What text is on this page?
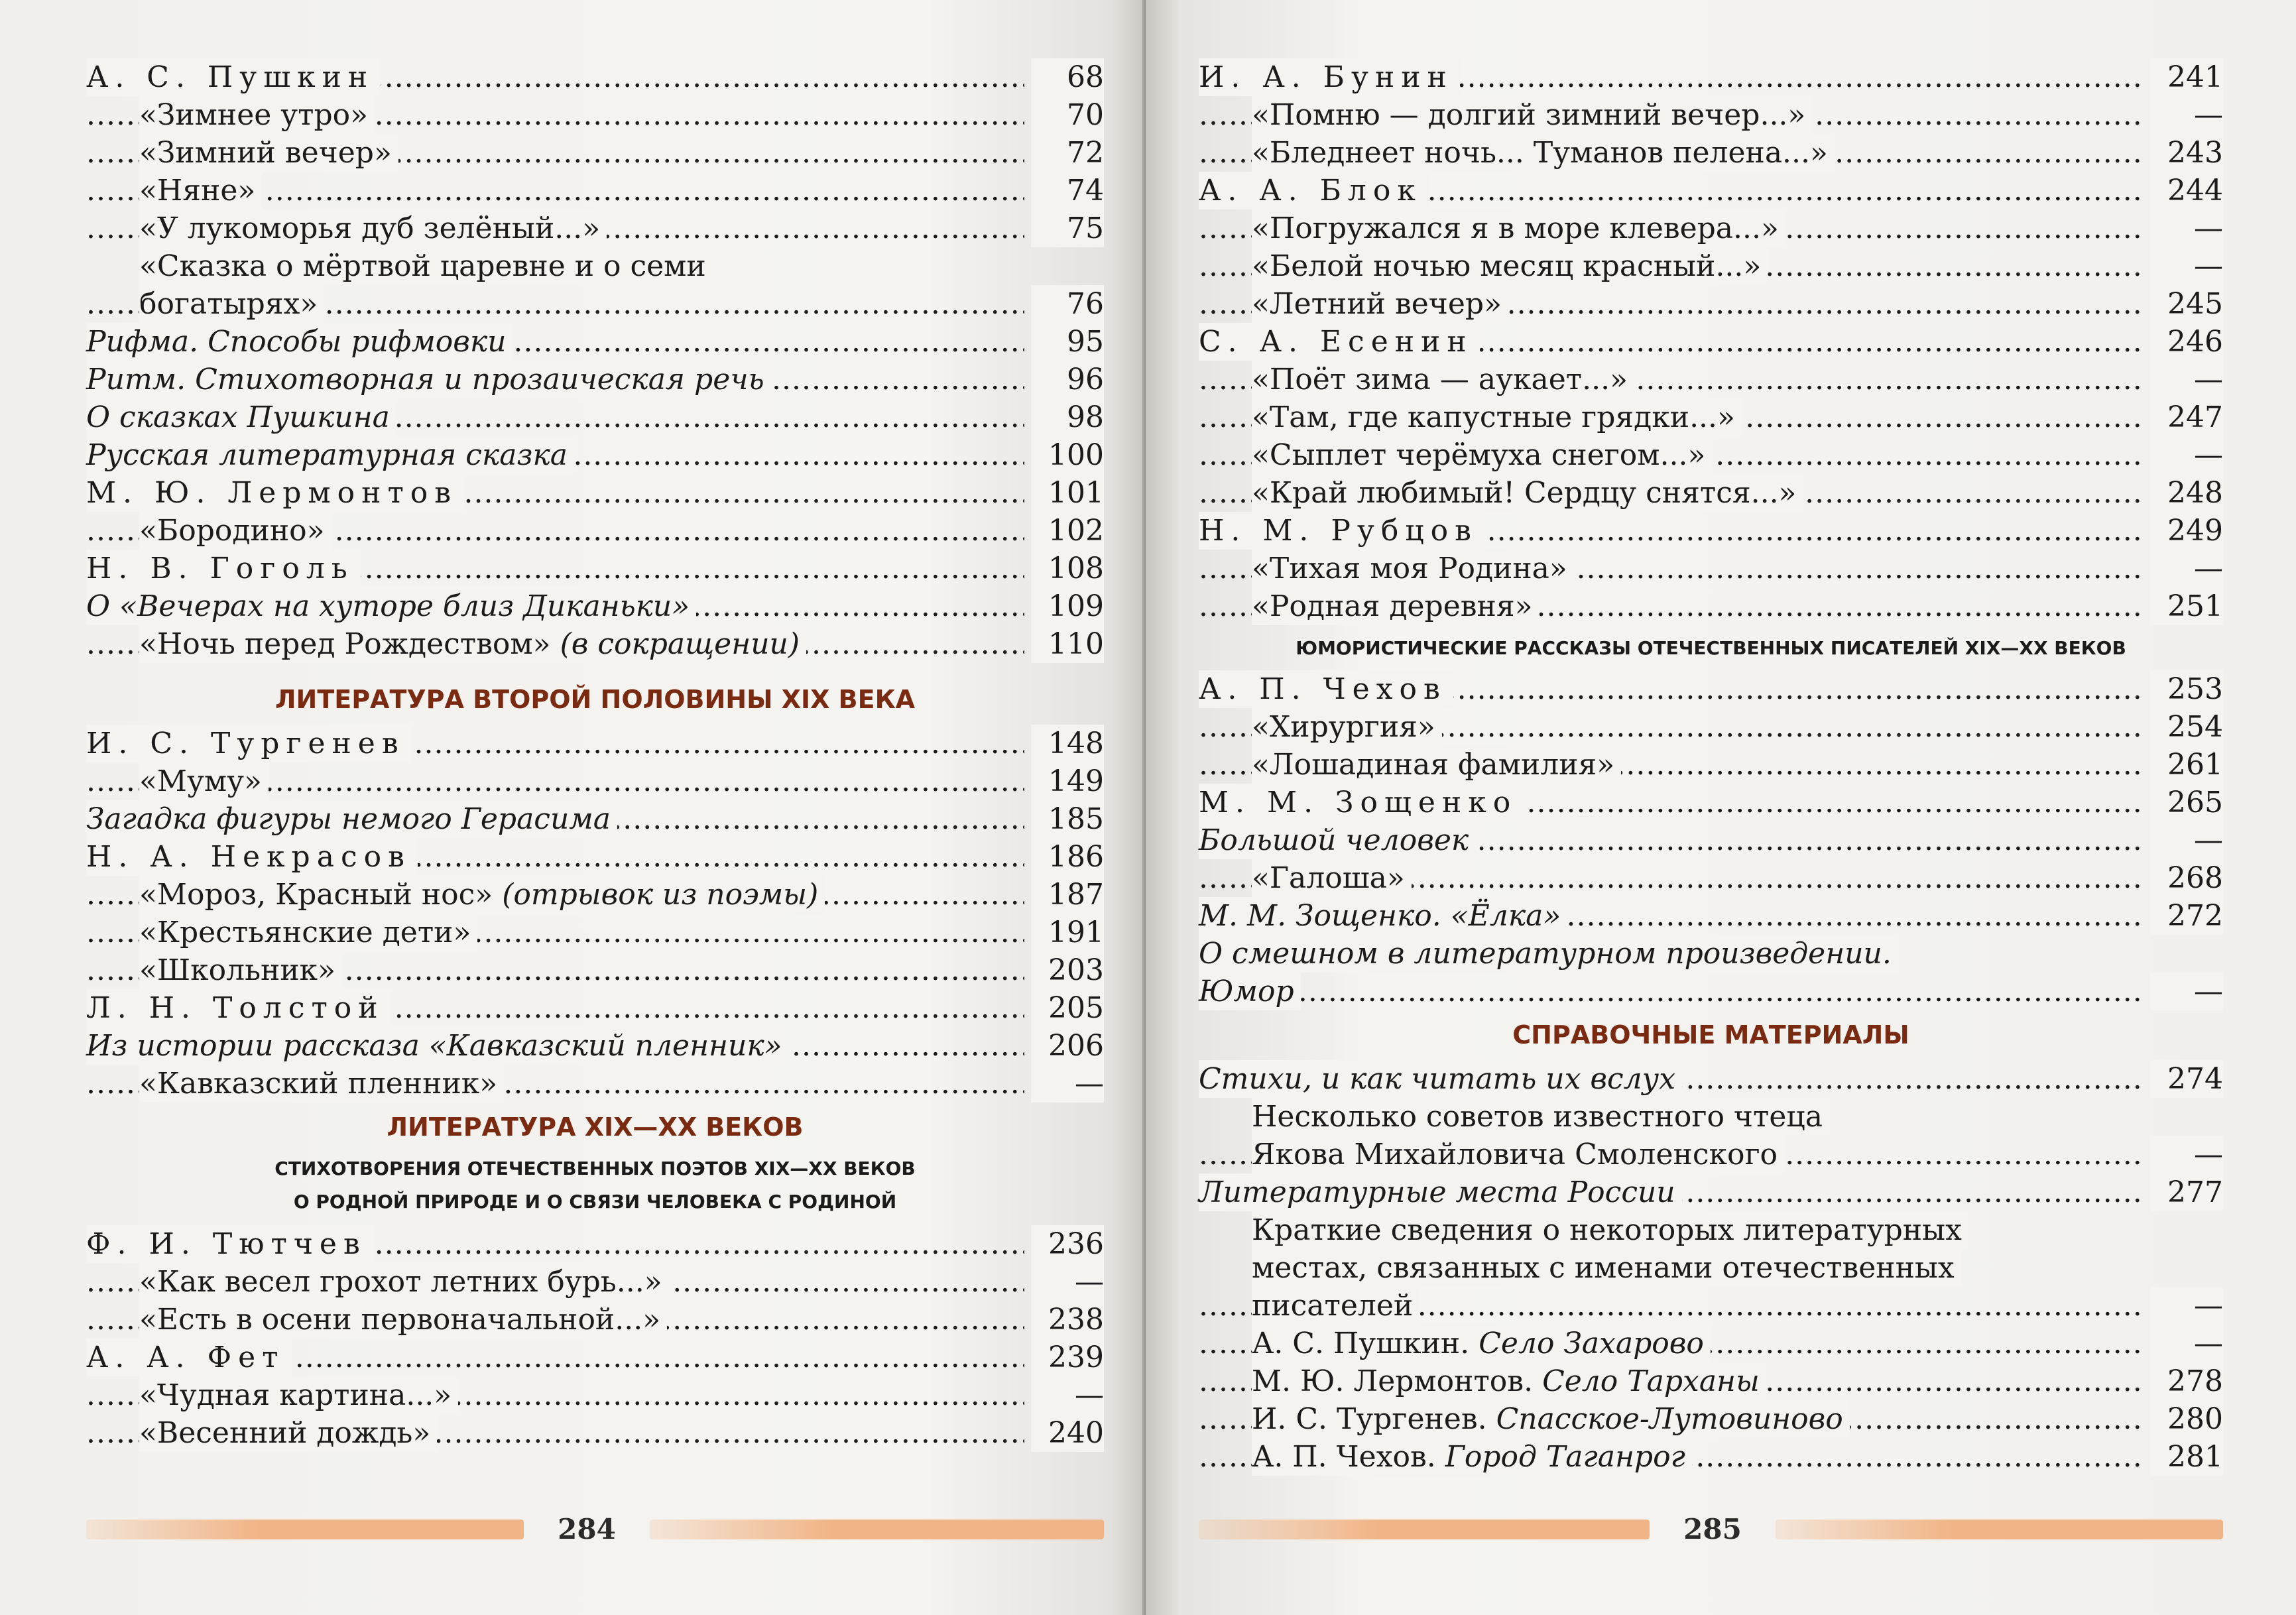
.....
А. С. Пушкин	68
.....
«Зимнее утро»	70
.....
«Зимний вечер»	72
.....
«Няне»	74
.....
«У лукоморья дуб зелёный...»	75
«Сказка о мёртвой царевне и о семи
.....
богатырях»	76
.....
Рифма. Способы рифмовки	95
.....
Ритм. Стихотворная и прозаическая речь	96
.....
О сказках Пушкина	98
.....
Русская литературная сказка	100
.....
М. Ю. Лермонтов	101
.....
«Бородино»	102
.....
Н. В. Гоголь	108
.....
О «Вечерах на хуторе близ Диканьки»	109
.....
«Ночь перед Рождеством» (в сокращении)	110
ЛИТЕРАТУРА ВТОРОЙ ПОЛОВИНЫ XIX ВЕКА
.....
И. С. Тургенев	148
.....
«Муму»	149
.....
Загадка фигуры немого Герасима	185
.....
Н. А. Некрасов	186
.....
«Мороз, Красный нос» (отрывок из поэмы)	187
.....
«Крестьянские дети»	191
.....
«Школьник»	203
.....
Л. Н. Толстой	205
.....
Из истории рассказа «Кавказский пленник»	206
.....
«Кавказский пленник»	—
ЛИТЕРАТУРА XIX—XX ВЕКОВ
СТИХОТВОРЕНИЯ ОТЕЧЕСТВЕННЫХ ПОЭТОВ XIX—XX ВЕКОВ
О РОДНОЙ ПРИРОДЕ И О СВЯЗИ ЧЕЛОВЕКА С РОДИНОЙ
.....
Ф. И. Тютчев	236
.....
«Как весел грохот летних бурь...»	—
.....
«Есть в осени первоначальной...»	238
.....
А. А. Фет	239
.....
«Чудная картина...»	—
.....
«Весенний дождь»	240
284
.....
И. А. Бунин	241
.....
«Помню — долгий зимний вечер...»	—
.....
«Бледнеет ночь... Туманов пелена...»	243
.....
А. А. Блок	244
.....
«Погружался я в море клевера...»	—
.....
«Белой ночью месяц красный...»	—
.....
«Летний вечер»	245
.....
С. А. Есенин	246
.....
«Поёт зима — аукает...»	—
.....
«Там, где капустные грядки...»	247
.....
«Сыплет черёмуха снегом...»	—
.....
«Край любимый! Сердцу снятся...»	248
.....
Н. М. Рубцов	249
.....
«Тихая моя Родина»	—
.....
«Родная деревня»	251
ЮМОРИСТИЧЕСКИЕ РАССКАЗЫ ОТЕЧЕСТВЕННЫХ ПИСАТЕЛЕЙ XIX—XX ВЕКОВ
.....
А. П. Чехов	253
.....
«Хирургия»	254
.....
«Лошадиная фамилия»	261
.....
М. М. Зощенко	265
.....
Большой человек	—
.....
«Галоша»	268
.....
М. М. Зощенко. «Ёлка»	272
О смешном в литературном произведении.
.....
Юмор	—
СПРАВОЧНЫЕ МАТЕРИАЛЫ
.....
Стихи, и как читать их вслух	274
Несколько советов известного чтеца
.....
Якова Михайловича Смоленского	—
.....
Литературные места России	277
Краткие сведения о некоторых литературных
местах, связанных с именами отечественных
.....
писателей	—
.....
А. С. Пушкин. Село Захарово	—
.....
М. Ю. Лермонтов. Село Тарханы	278
.....
И. С. Тургенев. Спасское-Лутовиново	280
.....
А. П. Чехов. Город Таганрог	281
285
